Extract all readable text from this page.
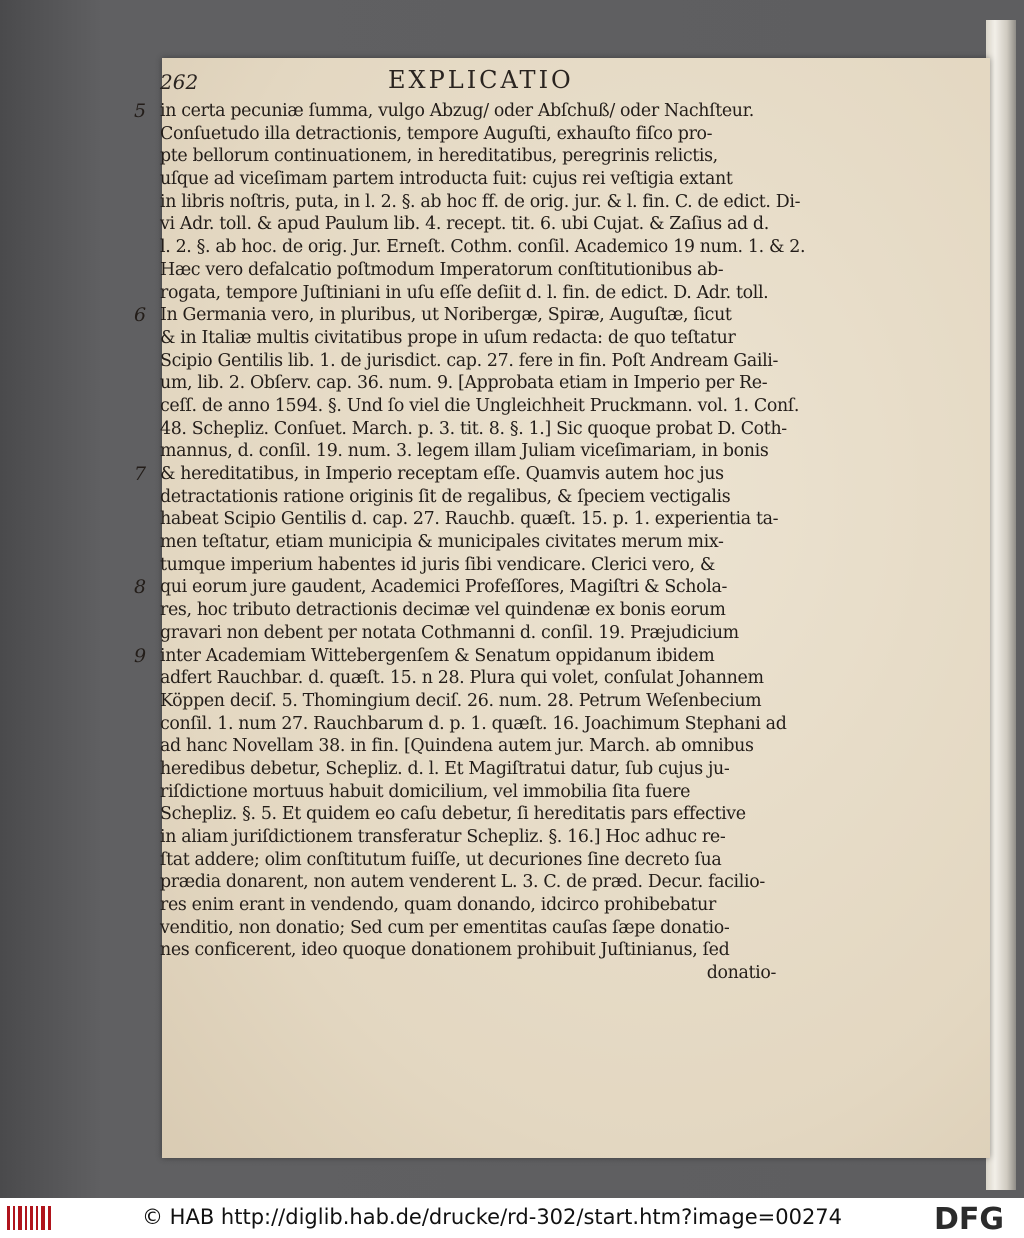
262	EXPLICATIO
5 in certa pecuniæ ſumma, vulgo Abzug/ oder Abſchuß/ oder Nachſteur.
Conſuetudo illa detractionis, tempore Auguſti, exhauſto fiſco pro-
pte bellorum continuationem, in hereditatibus, peregrinis relictis,
uſque ad viceſimam partem introducta fuit: cujus rei veſtigia extant
in libris noſtris, puta, in l. 2. §. ab hoc ff. de orig. jur. & l. fin. C. de edict. Di-
vi Adr. toll. & apud Paulum lib. 4. recept. tit. 6. ubi Cujat. & Zaſius ad d.
l. 2. §. ab hoc. de orig. Jur. Erneſt. Cothm. conſil. Academico 19 num. 1. & 2.
Hæc vero defalcatio poſtmodum Imperatorum conſtitutionibus ab-
rogata, tempore Juſtiniani in uſu eſſe deſiit d. l. fin. de edict. D. Adr. toll.
6 In Germania vero, in pluribus, ut Noribergæ, Spiræ, Auguſtæ, ſicut
& in Italiæ multis civitatibus prope in uſum redacta: de quo teſtatur
Scipio Gentilis lib. 1. de jurisdict. cap. 27. fere in fin. Poſt Andream Gaili-
um, lib. 2. Obſerv. cap. 36. num. 9. [Approbata etiam in Imperio per Re-
ceſſ. de anno 1594. §. Und ſo viel die Ungleichheit Pruckmann. vol. 1. Conſ.
48. Schepliz. Conſuet. March. p. 3. tit. 8. §. 1.] Sic quoque probat D. Coth-
mannus, d. conſil. 19. num. 3. legem illam Juliam viceſimariam, in bonis
7 & hereditatibus, in Imperio receptam eſſe. Quamvis autem hoc jus
detractationis ratione originis ſit de regalibus, & ſpeciem vectigalis
habeat Scipio Gentilis d. cap. 27. Rauchb. quæſt. 15. p. 1. experientia ta-
men teſtatur, etiam municipia & municipales civitates merum mix-
tumque imperium habentes id juris ſibi vendicare. Clerici vero, &
8 qui eorum jure gaudent, Academici Profeſſores, Magiſtri & Schola-
res, hoc tributo detractionis decimæ vel quindenæ ex bonis eorum
gravari non debent per notata Cothmanni d. conſil. 19. Præjudicium
9 inter Academiam Wittebergenſem & Senatum oppidanum ibidem
adfert Rauchbar. d. quæſt. 15. n 28. Plura qui volet, conſulat Johannem
Köppen deciſ. 5. Thomingium deciſ. 26. num. 28. Petrum Weſenbecium
conſil. 1. num 27. Rauchbarum d. p. 1. quæſt. 16. Joachimum Stephani ad
ad hanc Novellam 38. in fin. [Quindena autem jur. March. ab omnibus
heredibus debetur, Schepliz. d. l. Et Magiſtratui datur, ſub cujus ju-
riſdictione mortuus habuit domicilium, vel immobilia ſita fuere
Schepliz. §. 5. Et quidem eo caſu debetur, ſi hereditatis pars effective
in aliam juriſdictionem transferatur Schepliz. §. 16.] Hoc adhuc re-
ſtat addere; olim conſtitutum fuiſſe, ut decuriones ſine decreto ſua
prædia donarent, non autem venderent L. 3. C. de præd. Decur. facilio-
res enim erant in vendendo, quam donando, idcirco prohibebatur
venditio, non donatio; Sed cum per ementitas cauſas ſæpe donatio-
nes conficerent, ideo quoque donationem prohibuit Juſtinianus, ſed
donatio-
© HAB http://diglib.hab.de/drucke/rd-302/start.htm?image=00274	DFG
